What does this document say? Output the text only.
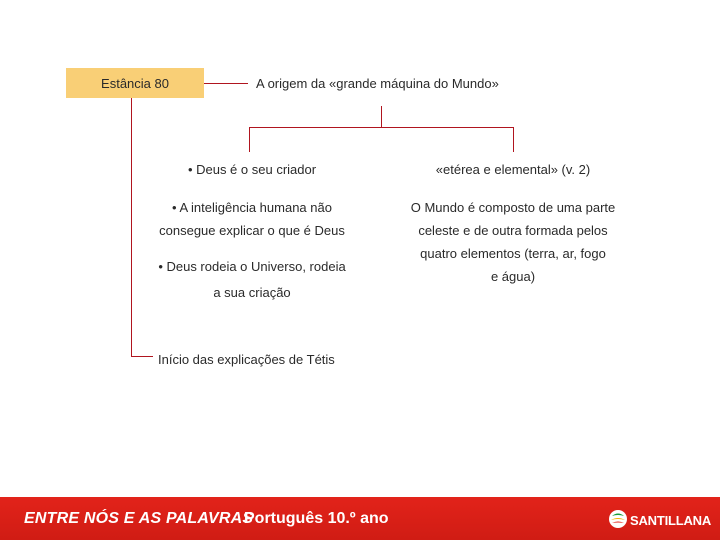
Estância 80	A origem da «grande máquina do Mundo»
• Deus é o seu criador
• A inteligência humana não
consegue explicar o que é Deus
• Deus rodeia o Universo, rodeia
a sua criação
«etérea e elemental» (v. 2)
O Mundo é composto de uma parte
celeste e de outra formada pelos
quatro elementos (terra, ar, fogo
e água)
Início das explicações de Tétis
ENTRE NÓS E AS PALAVRAS
Português 10.º ano	SANTILLANA
